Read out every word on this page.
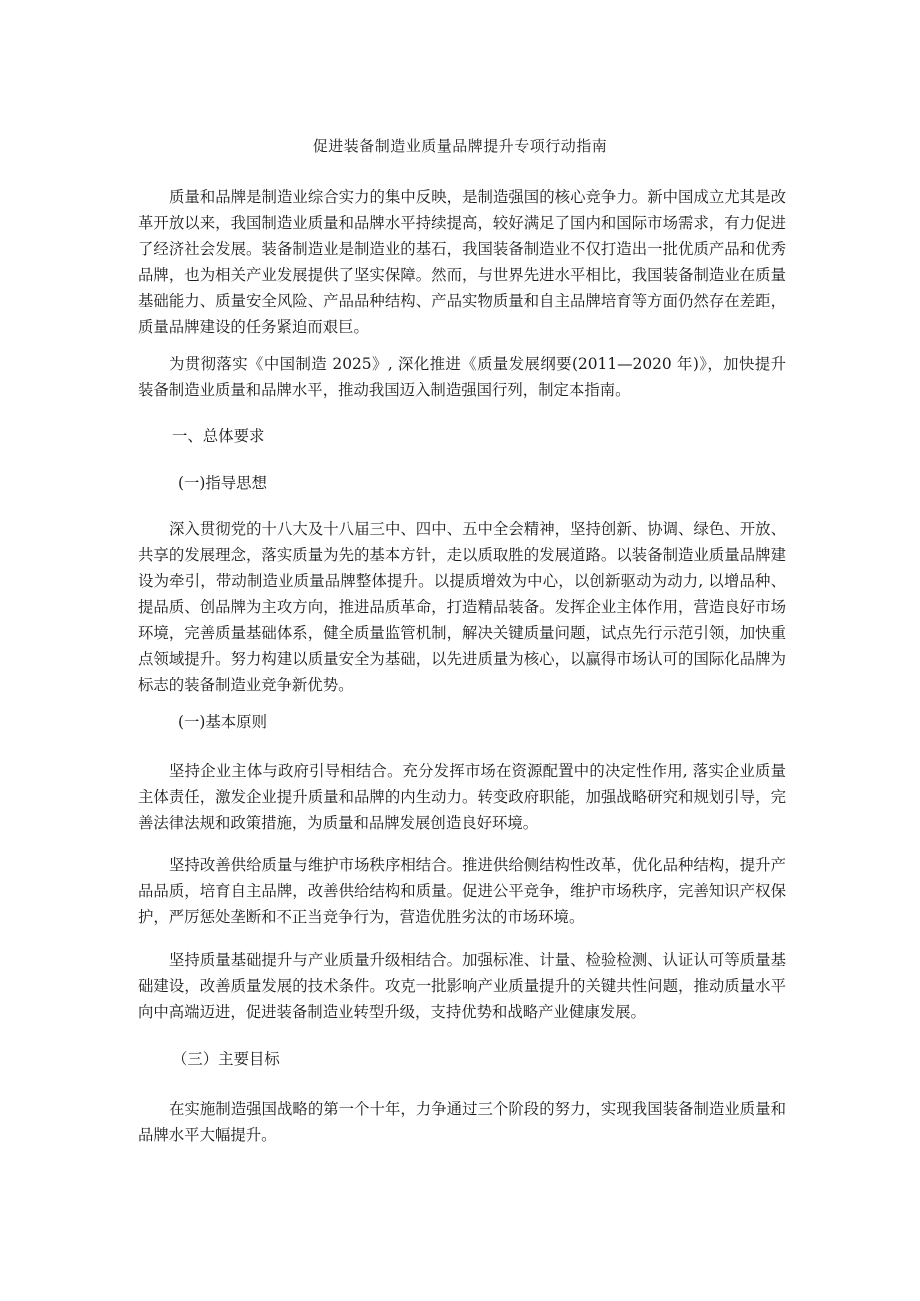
促进装备制造业质量品牌提升专项行动指南

质量和品牌是制造业综合实力的集中反映，是制造强国的核心竞争力。新中国成立尤其是改革开放以来，我国制造业质量和品牌水平持续提高，较好满足了国内和国际市场需求，有力促进了经济社会发展。装备制造业是制造业的基石，我国装备制造业不仅打造出一批优质产品和优秀品牌，也为相关产业发展提供了坚实保障。然而，与世界先进水平相比，我国装备制造业在质量基础能力、质量安全风险、产品品种结构、产品实物质量和自主品牌培育等方面仍然存在差距，质量品牌建设的任务紧迫而艰巨。

为贯彻落实《中国制造 2025》, 深化推进《质量发展纲要(2011—2020 年)》，加快提升装备制造业质量和品牌水平，推动我国迈入制造强国行列，制定本指南。

一、总体要求
(一)指导思想

深入贯彻党的十八大及十八届三中、四中、五中全会精神，坚持创新、协调、绿色、开放、共享的发展理念，落实质量为先的基本方针，走以质取胜的发展道路。以装备制造业质量品牌建设为牵引，带动制造业质量品牌整体提升。以提质增效为中心，以创新驱动为动力, 以增品种、提品质、创品牌为主攻方向，推进品质革命，打造精品装备。发挥企业主体作用，营造良好市场环境，完善质量基础体系，健全质量监管机制，解决关键质量问题，试点先行示范引领，加快重点领域提升。努力构建以质量安全为基础，以先进质量为核心，以赢得市场认可的国际化品牌为标志的装备制造业竞争新优势。

(一)基本原则

坚持企业主体与政府引导相结合。充分发挥市场在资源配置中的决定性作用, 落实企业质量主体责任，激发企业提升质量和品牌的内生动力。转变政府职能，加强战略研究和规划引导，完善法律法规和政策措施，为质量和品牌发展创造良好环境。

坚持改善供给质量与维护市场秩序相结合。推进供给侧结构性改革，优化品种结构，提升产品品质，培育自主品牌，改善供给结构和质量。促进公平竞争，维护市场秩序，完善知识产权保护，严厉惩处垄断和不正当竞争行为，营造优胜劣汰的市场环境。

坚持质量基础提升与产业质量升级相结合。加强标准、计量、检验检测、认证认可等质量基础建设，改善质量发展的技术条件。攻克一批影响产业质量提升的关键共性问题，推动质量水平向中高端迈进，促进装备制造业转型升级，支持优势和战略产业健康发展。

（三）主要目标

在实施制造强国战略的第一个十年，力争通过三个阶段的努力，实现我国装备制造业质量和品牌水平大幅提升。
